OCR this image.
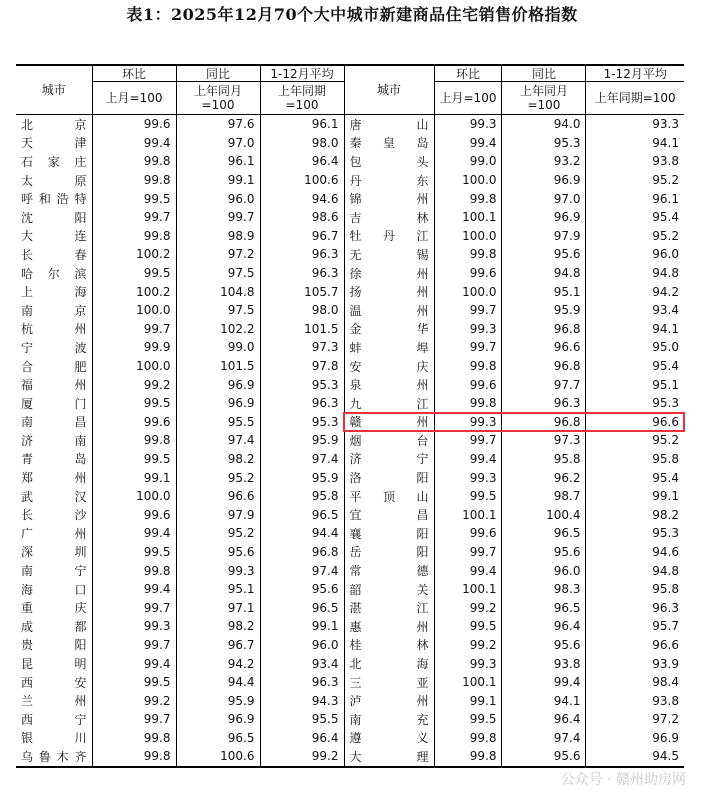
表1：2025年12月70个大中城市新建商品住宅销售价格指数
城市	环比	同比	1-12月平均	城市	环比	同比	1-12月平均
	上月=100	上年同月=100	上年同期=100		上月=100	上年同月=100	上年同期=100
北京	99.6	97.6	96.1	唐山	99.3	94.0	93.3
天津	99.4	97.0	98.0	秦皇岛	99.4	95.3	94.1
石家庄	99.8	96.1	96.4	包头	99.0	93.2	93.8
太原	99.8	99.1	100.6	丹东	100.0	96.9	95.2
呼和浩特	99.5	96.0	94.6	锦州	99.8	97.0	96.1
沈阳	99.7	99.7	98.6	吉林	100.1	96.9	95.4
大连	99.8	98.9	96.7	牡丹江	100.0	97.9	95.2
长春	100.2	97.2	96.3	无锡	99.8	95.6	96.0
哈尔滨	99.5	97.5	96.3	徐州	99.6	94.8	94.8
上海	100.2	104.8	105.7	扬州	100.0	95.1	94.2
南京	100.0	97.5	98.0	温州	99.7	95.9	93.4
杭州	99.7	102.2	101.5	金华	99.3	96.8	94.1
宁波	99.9	99.0	97.3	蚌埠	99.7	96.6	95.0
合肥	100.0	101.5	97.8	安庆	99.8	96.8	95.4
福州	99.2	96.9	95.3	泉州	99.6	97.7	95.1
厦门	99.5	96.9	96.3	九江	99.8	96.3	95.3
南昌	99.6	95.5	95.3	赣州	99.3	96.8	96.6
济南	99.8	97.4	95.9	烟台	99.7	97.3	95.2
青岛	99.5	98.2	97.4	济宁	99.4	95.8	95.8
郑州	99.1	95.2	95.9	洛阳	99.3	96.2	95.4
武汉	100.0	96.6	95.8	平顶山	99.5	98.7	99.1
长沙	99.6	97.9	96.5	宜昌	100.1	100.4	98.2
广州	99.4	95.2	94.4	襄阳	99.6	96.5	95.3
深圳	99.5	95.6	96.8	岳阳	99.7	95.6	94.6
南宁	99.8	99.3	97.4	常德	99.4	96.0	94.8
海口	99.4	95.1	95.6	韶关	100.1	98.3	95.8
重庆	99.7	97.1	96.5	湛江	99.2	96.5	96.3
成都	99.3	98.2	99.1	惠州	99.5	96.4	95.7
贵阳	99.7	96.7	96.0	桂林	99.2	95.6	96.6
昆明	99.4	94.2	93.4	北海	99.3	93.8	93.9
西安	99.5	94.4	96.3	三亚	100.1	99.4	98.4
兰州	99.2	95.9	94.3	泸州	99.1	94.1	93.8
西宁	99.7	96.9	95.5	南充	99.5	96.4	97.2
银川	99.8	96.5	96.4	遵义	99.8	97.4	96.9
乌鲁木齐	99.8	100.6	99.2	大理	99.8	95.6	94.5
公众号 · 赣州助房网
